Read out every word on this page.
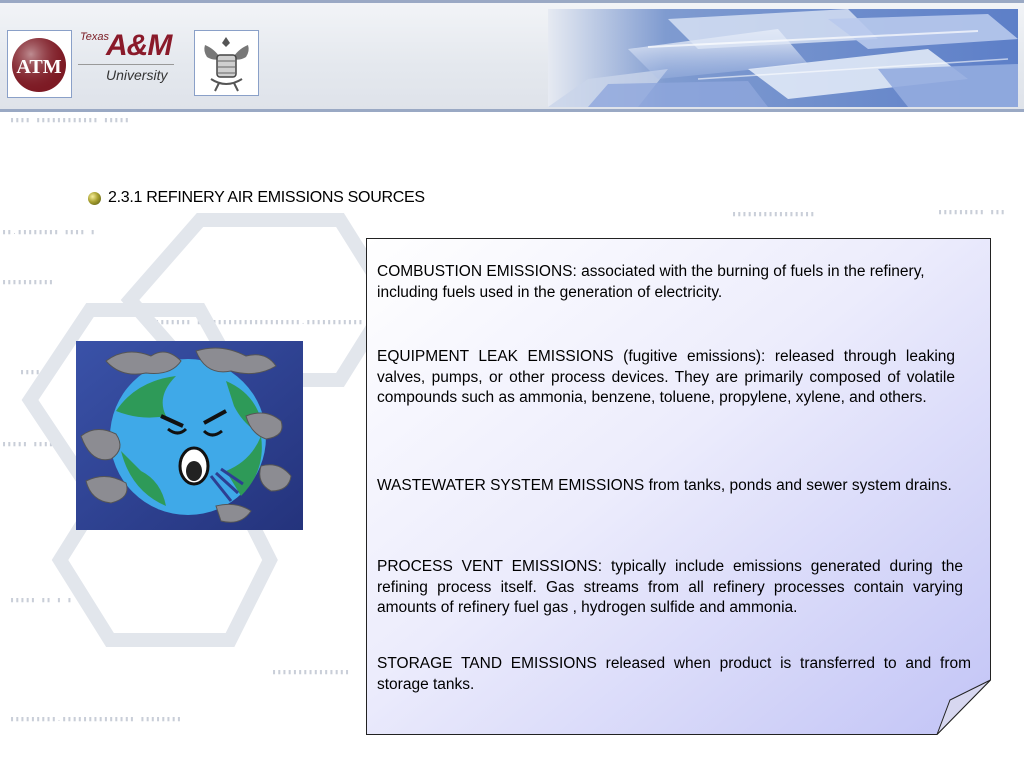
ATM
Texas
A&M
University
▮▮▮▮ ▮▮▮▮▮▮▮▮▮▮▮▮ ▮▮▮▮▮
▮▮.▮▮▮▮▮▮▮▮ ▮▮▮▮ ▮
▮▮▮▮▮▮▮▮▮▮
▮▮▮▮▮▮▮ ▮▮▮▮▮▮▮▮▮▮▮▮▮▮▮▮▮▮▮▮.▮▮▮▮▮▮▮▮▮▮▮
▮▮▮▮▮▮▮
▮▮▮▮▮ ▮▮▮▮ ▮
▮▮▮▮▮ ▮▮ ▮ ▮ ▮
▮▮▮▮▮▮▮▮▮▮▮▮▮▮▮
▮▮▮▮▮▮▮▮▮.▮▮▮▮▮▮▮▮▮▮▮▮▮▮ ▮▮▮▮▮▮▮▮
▮▮▮▮▮▮▮▮▮▮▮▮▮▮▮▮	▮▮▮▮▮▮▮▮▮ ▮▮▮
2.3.1 REFINERY AIR EMISSIONS SOURCES
COMBUSTION EMISSIONS: associated with the burning of fuels in the refinery, including fuels used in the generation of electricity.
EQUIPMENT LEAK EMISSIONS (fugitive emissions): released through leaking valves, pumps, or other process devices. They are primarily composed of volatile compounds such as ammonia, benzene, toluene, propylene, xylene, and others.
WASTEWATER SYSTEM EMISSIONS from tanks, ponds and sewer system drains.
PROCESS VENT EMISSIONS: typically include emissions generated during the refining process itself. Gas streams from all refinery processes contain varying amounts of refinery fuel gas , hydrogen sulfide and ammonia.
STORAGE TAND EMISSIONS released when product is transferred to and from storage tanks.
